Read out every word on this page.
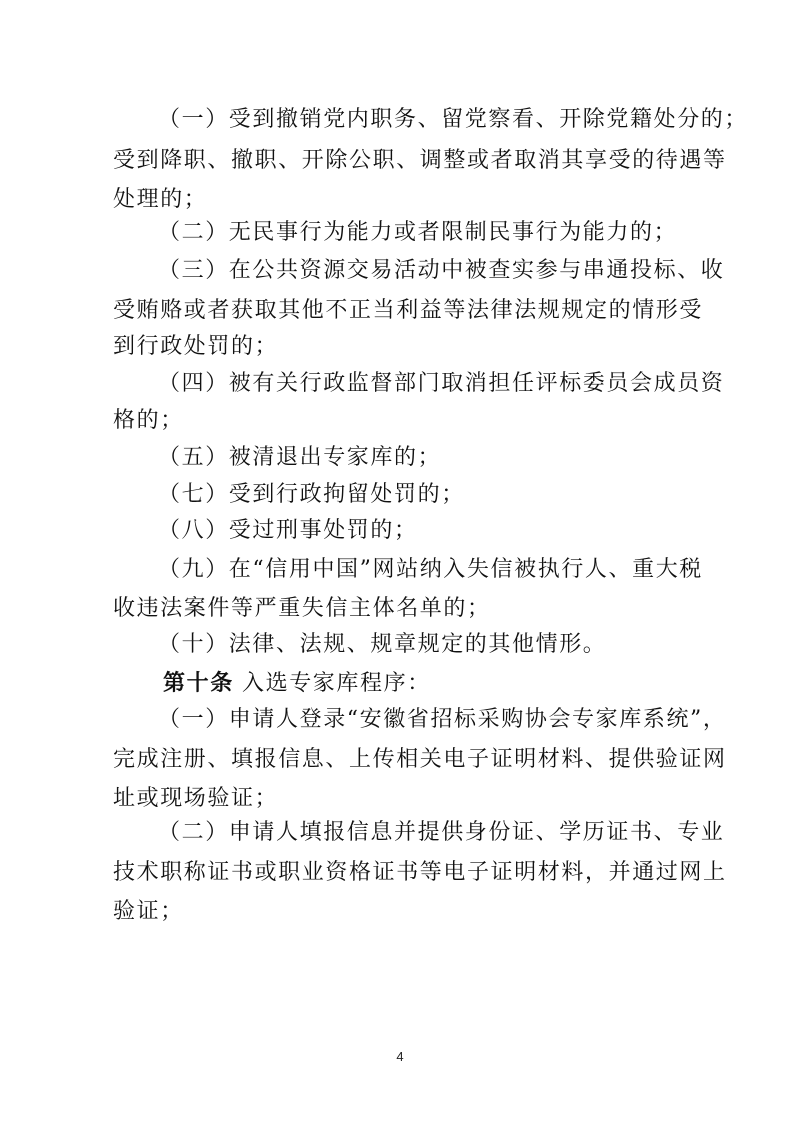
（一）受到撤销党内职务、留党察看、开除党籍处分的；
受到降职、撤职、开除公职、调整或者取消其享受的待遇等
处理的；
（二）无民事行为能力或者限制民事行为能力的；
（三）在公共资源交易活动中被查实参与串通投标、收
受贿赂或者获取其他不正当利益等法律法规规定的情形受
到行政处罚的；
（四）被有关行政监督部门取消担任评标委员会成员资
格的；
（五）被清退出专家库的；
（七）受到行政拘留处罚的；
（八）受过刑事处罚的；
（九）在“信用中国”网站纳入失信被执行人、重大税
收违法案件等严重失信主体名单的；
（十）法律、法规、规章规定的其他情形。
第十条 入选专家库程序：
（一）申请人登录“安徽省招标采购协会专家库系统”，
完成注册、填报信息、上传相关电子证明材料、提供验证网
址或现场验证；
（二）申请人填报信息并提供身份证、学历证书、专业
技术职称证书或职业资格证书等电子证明材料，并通过网上
验证；
4
